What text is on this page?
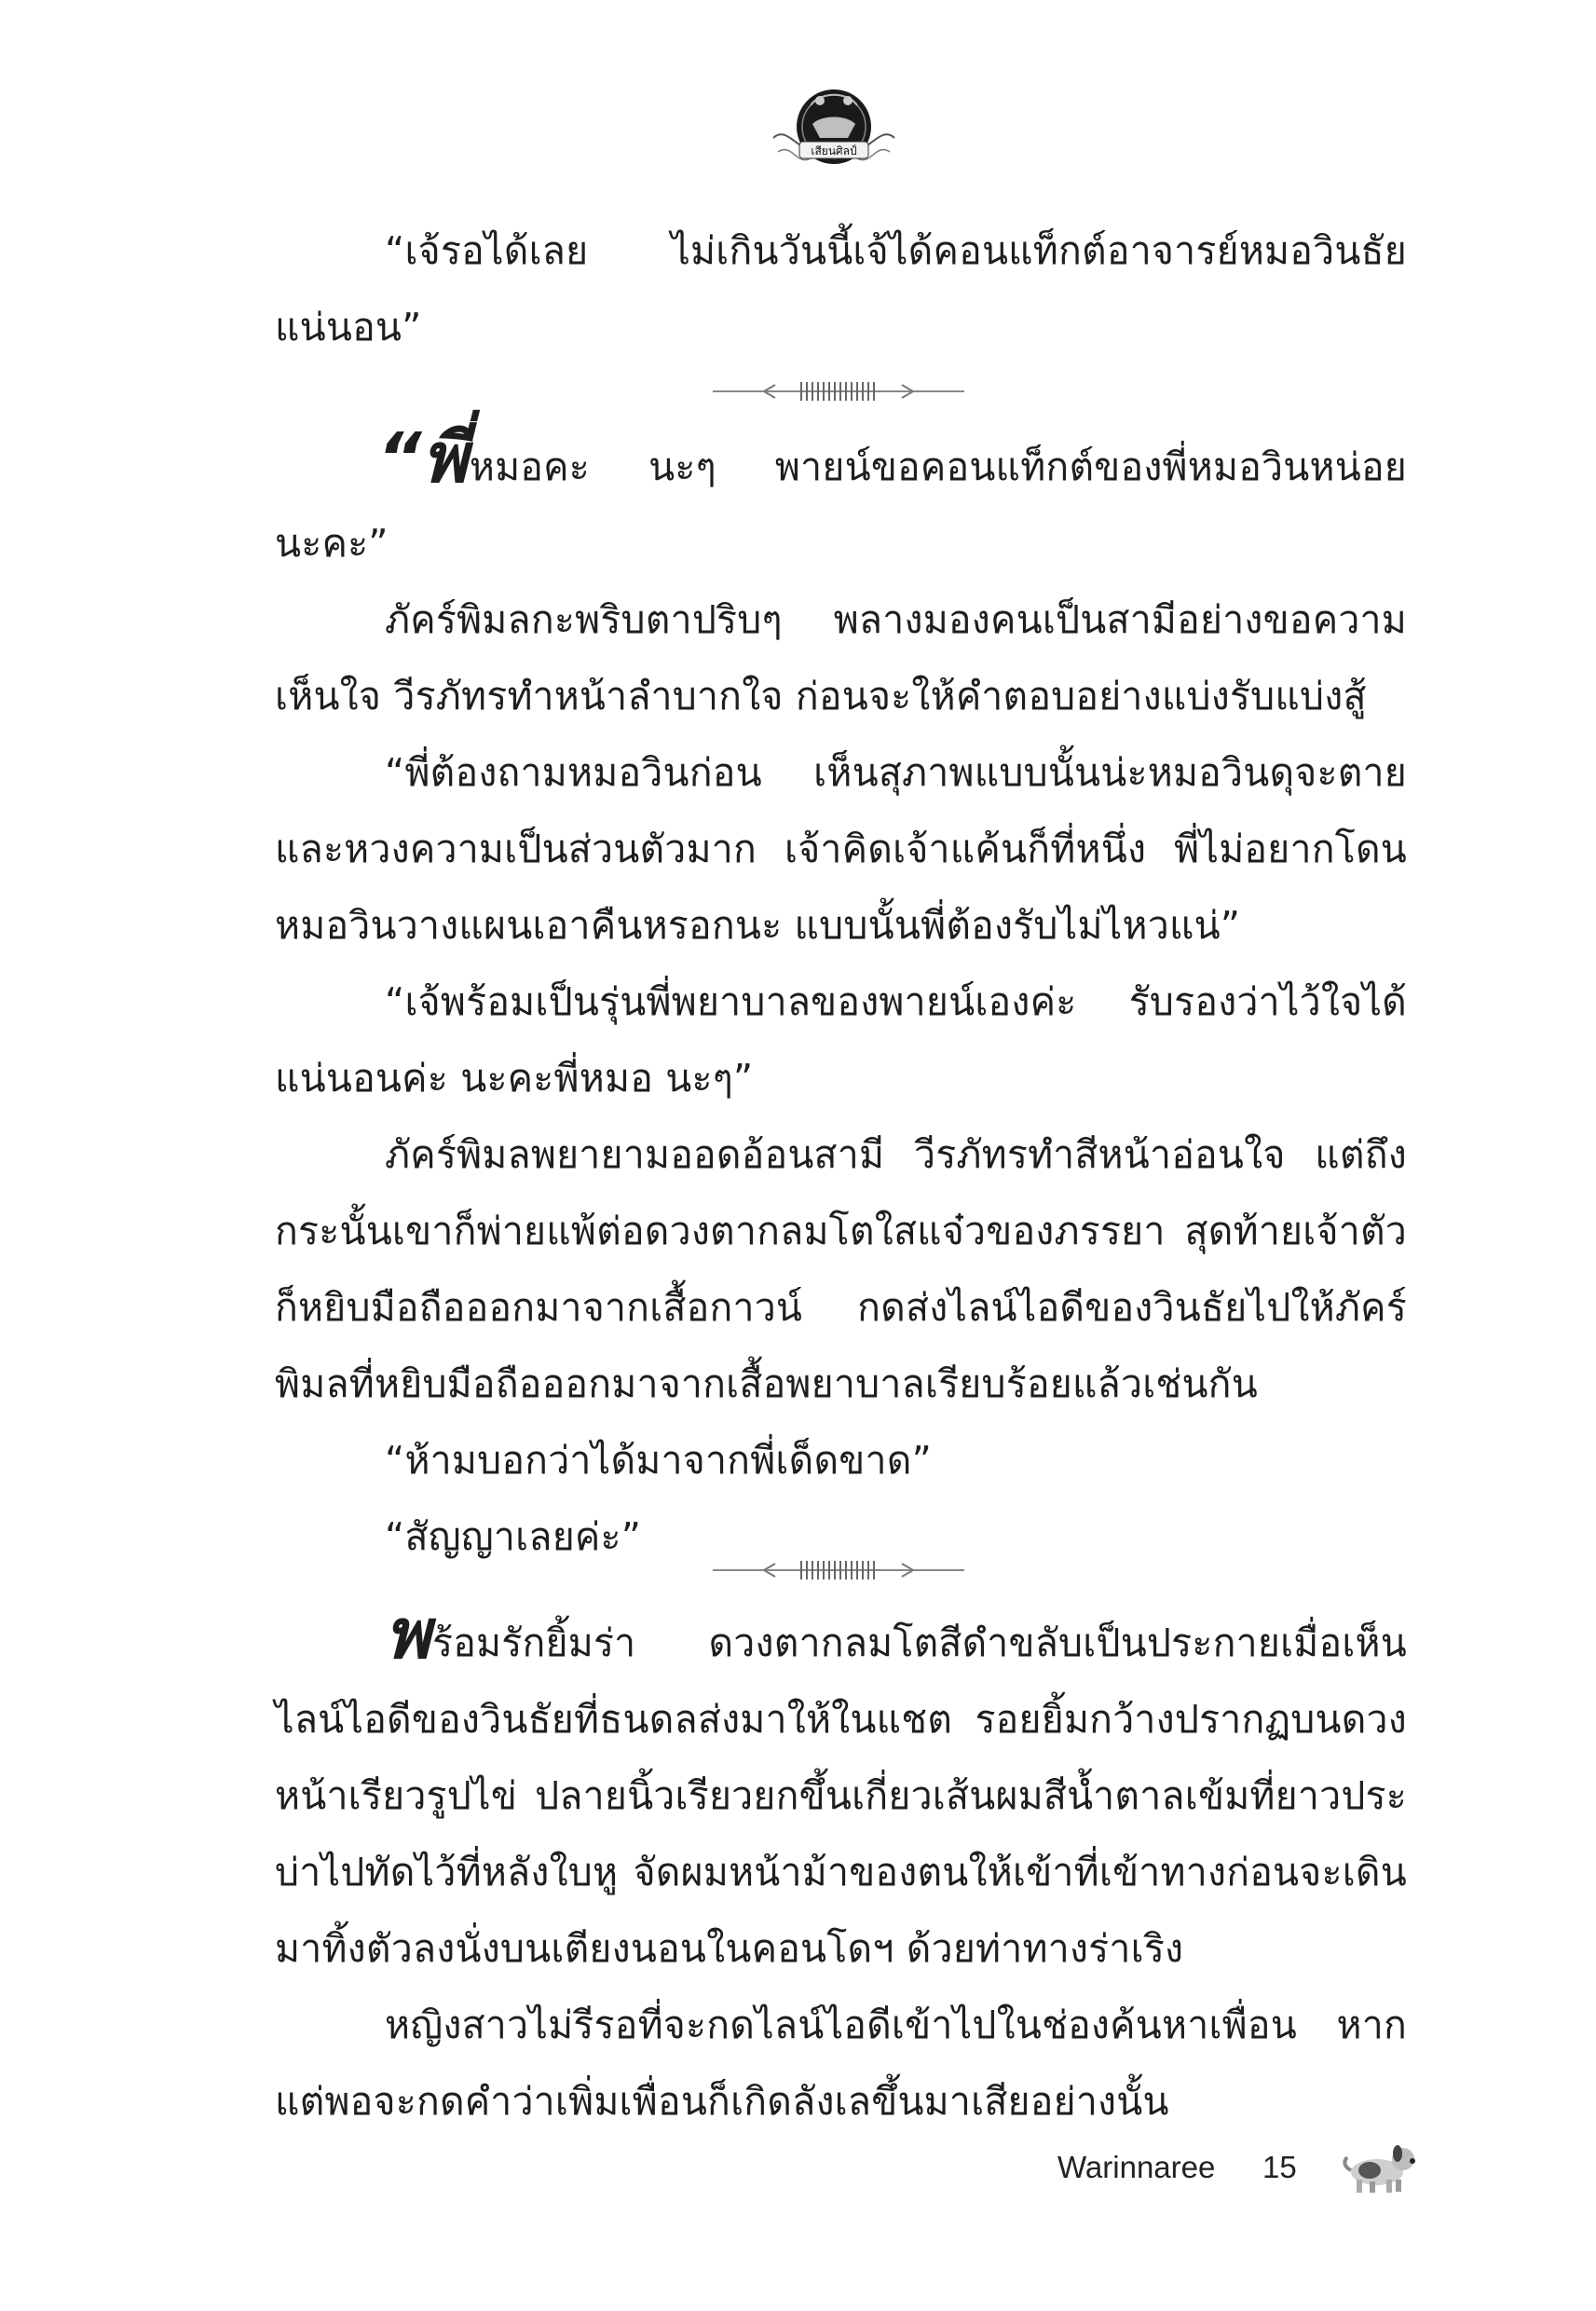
เสียนศิลป์

“เจ้รอได้เลย ไม่เกินวันนี้เจ้ได้คอนแท็กต์อาจารย์หมอวินธัย แน่นอน”

“พี่หมอคะ นะๆ พายน์ขอคอนแท็กต์ของพี่หมอวินหน่อย นะคะ”

ภัคร์พิมลกะพริบตาปริบๆ พลางมองคนเป็นสามีอย่างขอความเห็นใจ วีรภัทรทำหน้าลำบากใจ ก่อนจะให้คำตอบอย่างแบ่งรับแบ่งสู้

“พี่ต้องถามหมอวินก่อน เห็นสุภาพแบบนั้นน่ะหมอวินดุจะตาย และหวงความเป็นส่วนตัวมาก เจ้าคิดเจ้าแค้นก็ที่หนึ่ง พี่ไม่อยากโดนหมอวินวางแผนเอาคืนหรอกนะ แบบนั้นพี่ต้องรับไม่ไหวแน่”

“เจ้พร้อมเป็นรุ่นพี่พยาบาลของพายน์เองค่ะ รับรองว่าไว้ใจได้แน่นอนค่ะ นะคะพี่หมอ นะๆ”

ภัคร์พิมลพยายามออดอ้อนสามี วีรภัทรทำสีหน้าอ่อนใจ แต่ถึงกระนั้นเขาก็พ่ายแพ้ต่อดวงตากลมโตใสแจ๋วของภรรยา สุดท้ายเจ้าตัวก็หยิบมือถือออกมาจากเสื้อกาวน์ กดส่งไลน์ไอดีของวินธัยไปให้ภัคร์พิมลที่หยิบมือถือออกมาจากเสื้อพยาบาลเรียบร้อยแล้วเช่นกัน

“ห้ามบอกว่าได้มาจากพี่เด็ดขาด”

“สัญญาเลยค่ะ”

พร้อมรักยิ้มร่า ดวงตากลมโตสีดำขลับเป็นประกายเมื่อเห็นไลน์ไอดีของวินธัยที่ธนดลส่งมาให้ในแชต รอยยิ้มกว้างปรากฏบนดวงหน้าเรียวรูปไข่ ปลายนิ้วเรียวยกขึ้นเกี่ยวเส้นผมสีน้ำตาลเข้มที่ยาวประบ่าไปทัดไว้ที่หลังใบหู จัดผมหน้าม้าของตนให้เข้าที่เข้าทางก่อนจะเดินมาทิ้งตัวลงนั่งบนเตียงนอนในคอนโดฯ ด้วยท่าทางร่าเริง

หญิงสาวไม่รีรอที่จะกดไลน์ไอดีเข้าไปในช่องค้นหาเพื่อน หากแต่พอจะกดคำว่าเพิ่มเพื่อนก็เกิดลังเลขึ้นมาเสียอย่างนั้น

Warinnaree 15
